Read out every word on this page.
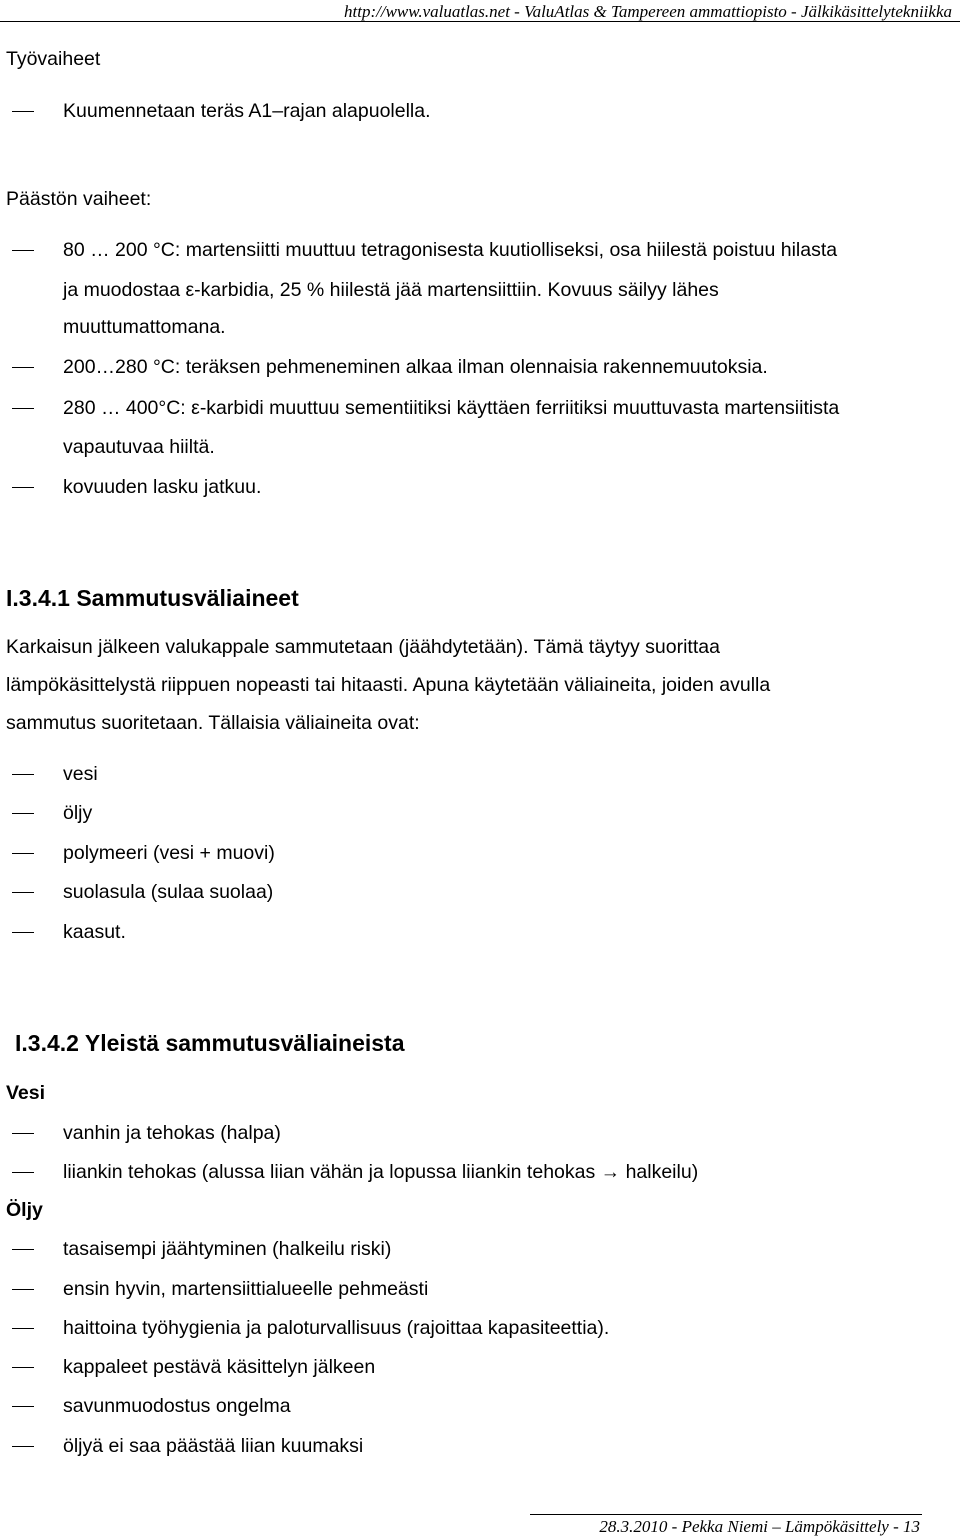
http://www.valuatlas.net - ValuAtlas & Tampereen ammattiopisto - Jälkikäsittelytekniikka
Työvaiheet
Kuumennetaan teräs A1–rajan alapuolella.
Päästön vaiheet:
80 … 200 °C: martensiitti muuttuu tetragonisesta kuutiolliseksi, osa hiilestä poistuu hilasta
ja muodostaa ε-karbidia, 25 % hiilestä jää martensiittiin. Kovuus säilyy lähes
muuttumattomana.
200…280 °C: teräksen pehmeneminen alkaa ilman olennaisia rakennemuutoksia.
280 … 400°C: ε-karbidi muuttuu sementiitiksi käyttäen ferriitiksi muuttuvasta martensiitista
vapautuvaa hiiltä.
kovuuden lasku jatkuu.
I.3.4.1 Sammutusväliaineet
Karkaisun jälkeen valukappale sammutetaan (jäähdytetään). Tämä täytyy suorittaa
lämpökäsittelystä riippuen nopeasti tai hitaasti. Apuna käytetään väliaineita, joiden avulla
sammutus suoritetaan. Tällaisia väliaineita ovat:
vesi
öljy
polymeeri (vesi + muovi)
suolasula (sulaa suolaa)
kaasut.
I.3.4.2 Yleistä sammutusväliaineista
Vesi
vanhin ja tehokas (halpa)
liiankin tehokas (alussa liian vähän ja lopussa liiankin tehokas → halkeilu)
Öljy
tasaisempi jäähtyminen (halkeilu riski)
ensin hyvin, martensiittialueelle pehmeästi
haittoina työhygienia ja paloturvallisuus (rajoittaa kapasiteettia).
kappaleet pestävä käsittelyn jälkeen
savunmuodostus ongelma
öljyä ei saa päästää liian kuumaksi
28.3.2010 - Pekka Niemi – Lämpökäsittely - 13
